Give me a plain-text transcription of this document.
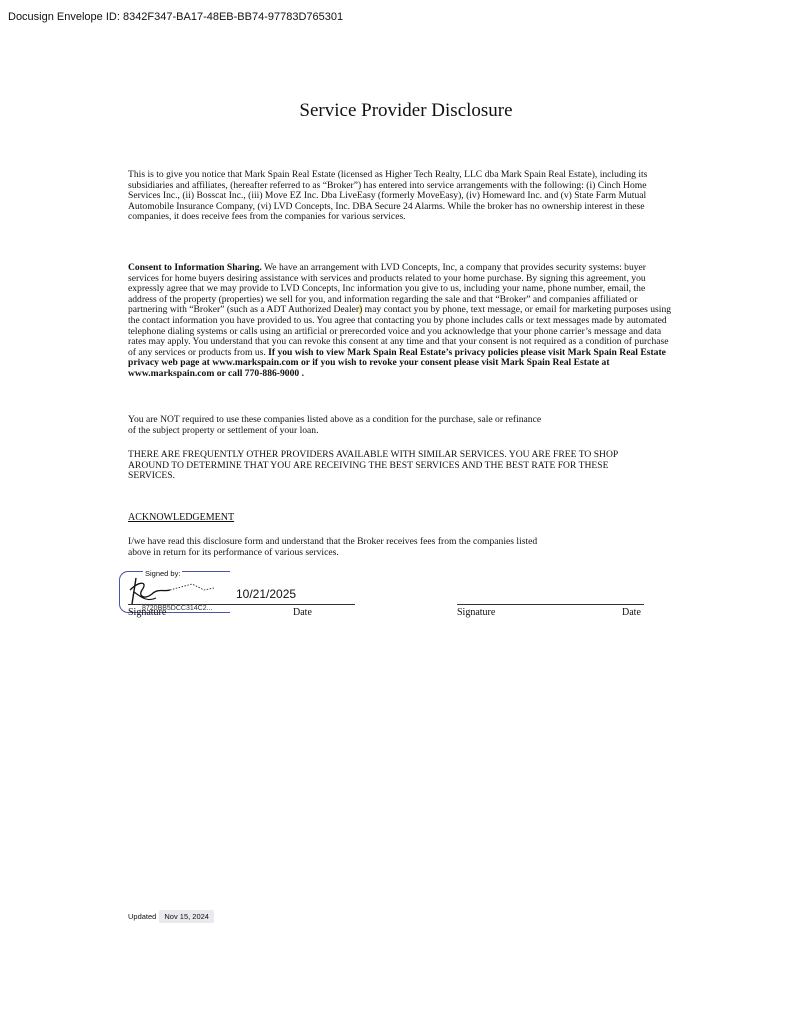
Docusign Envelope ID: 8342F347-BA17-48EB-BB74-97783D765301
Service Provider Disclosure
This is to give you notice that Mark Spain Real Estate (licensed as Higher Tech Realty, LLC dba Mark Spain Real Estate), including its subsidiaries and affiliates, (hereafter referred to as “Broker”) has entered into service arrangements with the following: (i) Cinch Home Services Inc., (ii) Bosscat Inc., (iii) Move EZ Inc. Dba LiveEasy (formerly MoveEasy), (iv) Homeward Inc. and (v) State Farm Mutual Automobile Insurance Company, (vi) LVD Concepts, Inc. DBA Secure 24 Alarms. While the broker has no ownership interest in these companies, it does receive fees from the companies for various services.
Consent to Information Sharing. We have an arrangement with LVD Concepts, Inc, a company that provides security systems: buyer services for home buyers desiring assistance with services and products related to your home purchase. By signing this agreement, you expressly agree that we may provide to LVD Concepts, Inc information you give to us, including your name, phone number, email, the address of the property (properties) we sell for you, and information regarding the sale and that “Broker” and companies affiliated or partnering with “Broker” (such as a ADT Authorized Dealer) may contact you by phone, text message, or email for marketing purposes using the contact information you have provided to us. You agree that contacting you by phone includes calls or text messages made by automated telephone dialing systems or calls using an artificial or prerecorded voice and you acknowledge that your phone carrier’s message and data rates may apply. You understand that you can revoke this consent at any time and that your consent is not required as a condition of purchase of any services or products from us. If you wish to view Mark Spain Real Estate’s privacy policies please visit Mark Spain Real Estate privacy web page at www.markspain.com or if you wish to revoke your consent please visit Mark Spain Real Estate at www.markspain.com or call 770-886-9000 .
You are NOT required to use these companies listed above as a condition for the purchase, sale or refinance of the subject property or settlement of your loan.
THERE ARE FREQUENTLY OTHER PROVIDERS AVAILABLE WITH SIMILAR SERVICES. YOU ARE FREE TO SHOP AROUND TO DETERMINE THAT YOU ARE RECEIVING THE BEST SERVICES AND THE BEST RATE FOR THESE SERVICES.
ACKNOWLEDGEMENT
I/we have read this disclosure form and understand that the Broker receives fees from the companies listed above in return for its performance of various services.
Signed by:
8720BB5DCC314C2...
10/21/2025
Signature	Date	Signature	Date
Updated Nov 15, 2024
